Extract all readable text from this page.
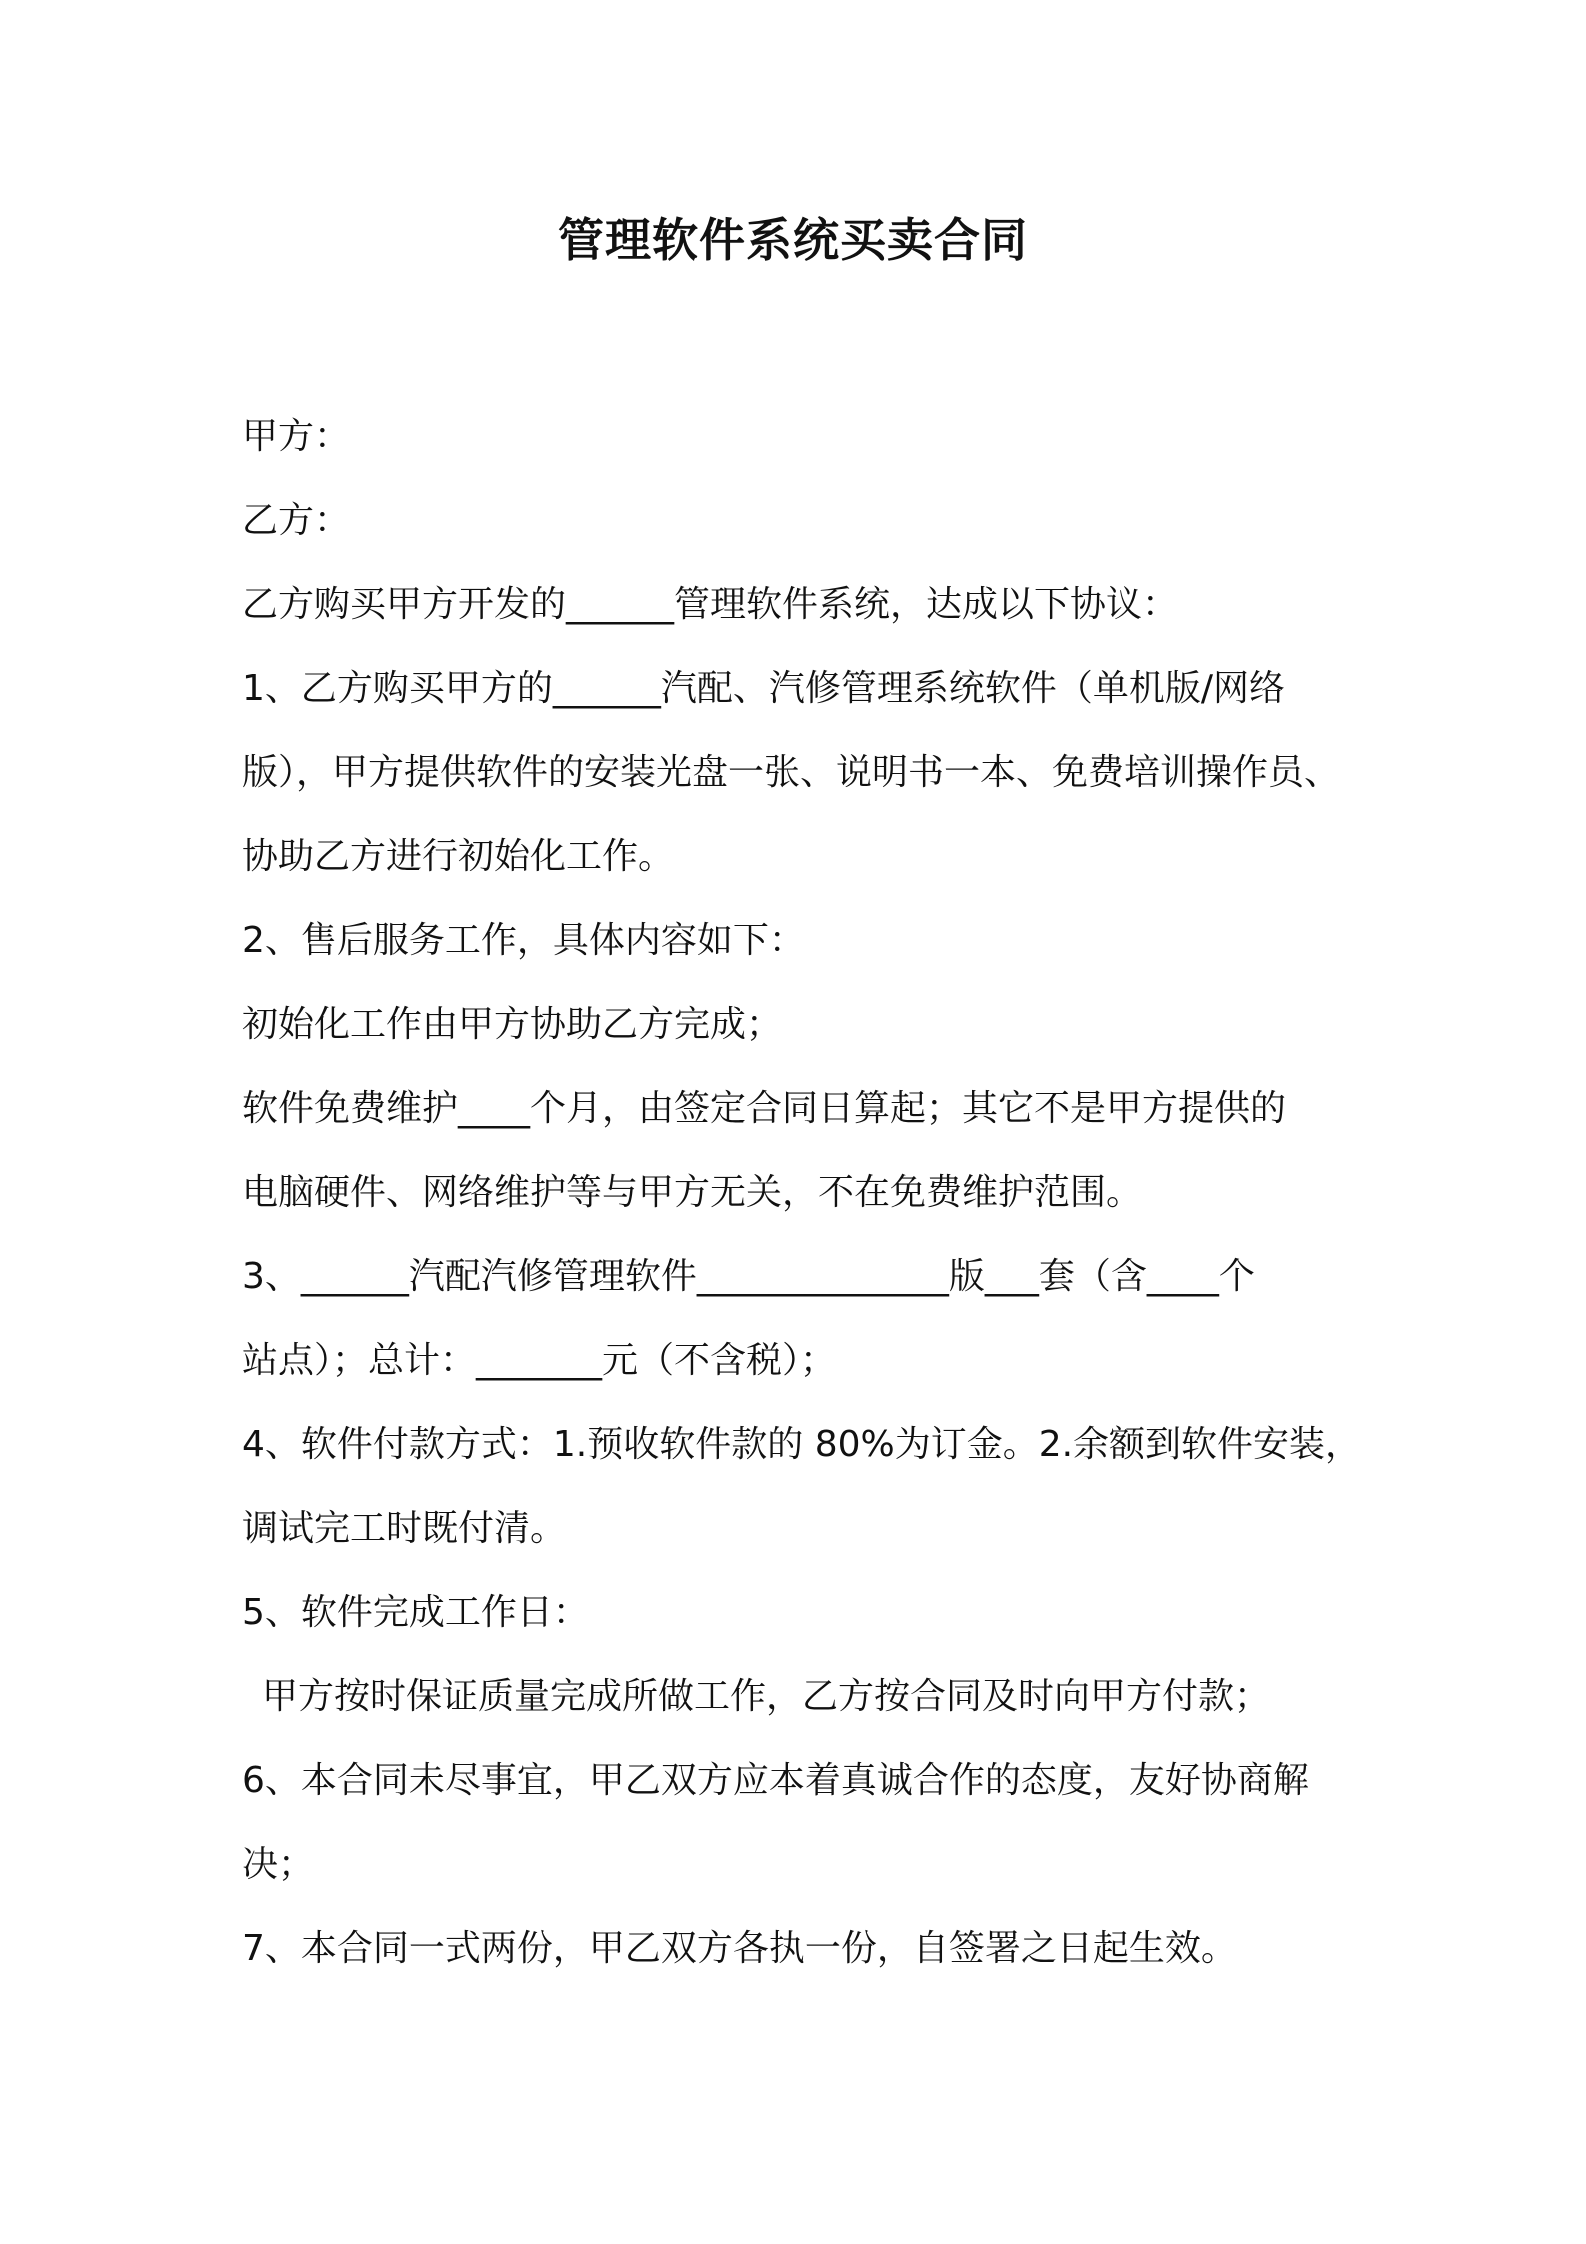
管理软件系统买卖合同
甲方：
乙方：
乙方购买甲方开发的______管理软件系统，达成以下协议：
1、乙方购买甲方的______汽配、汽修管理系统软件（单机版/网络
版），甲方提供软件的安装光盘一张、说明书一本、免费培训操作员、
协助乙方进行初始化工作。
2、售后服务工作，具体内容如下：
初始化工作由甲方协助乙方完成；
软件免费维护____个月，由签定合同日算起；其它不是甲方提供的
电脑硬件、网络维护等与甲方无关，不在免费维护范围。
3、______汽配汽修管理软件______________版___套（含____个
站点）；总计：_______元（不含税）；
4、软件付款方式：1.预收软件款的 80%为订金。2.余额到软件安装，
调试完工时既付清。
5、软件完成工作日：
甲方按时保证质量完成所做工作，乙方按合同及时向甲方付款；
6、本合同未尽事宜，甲乙双方应本着真诚合作的态度，友好协商解
决；
7、本合同一式两份，甲乙双方各执一份，自签署之日起生效。
